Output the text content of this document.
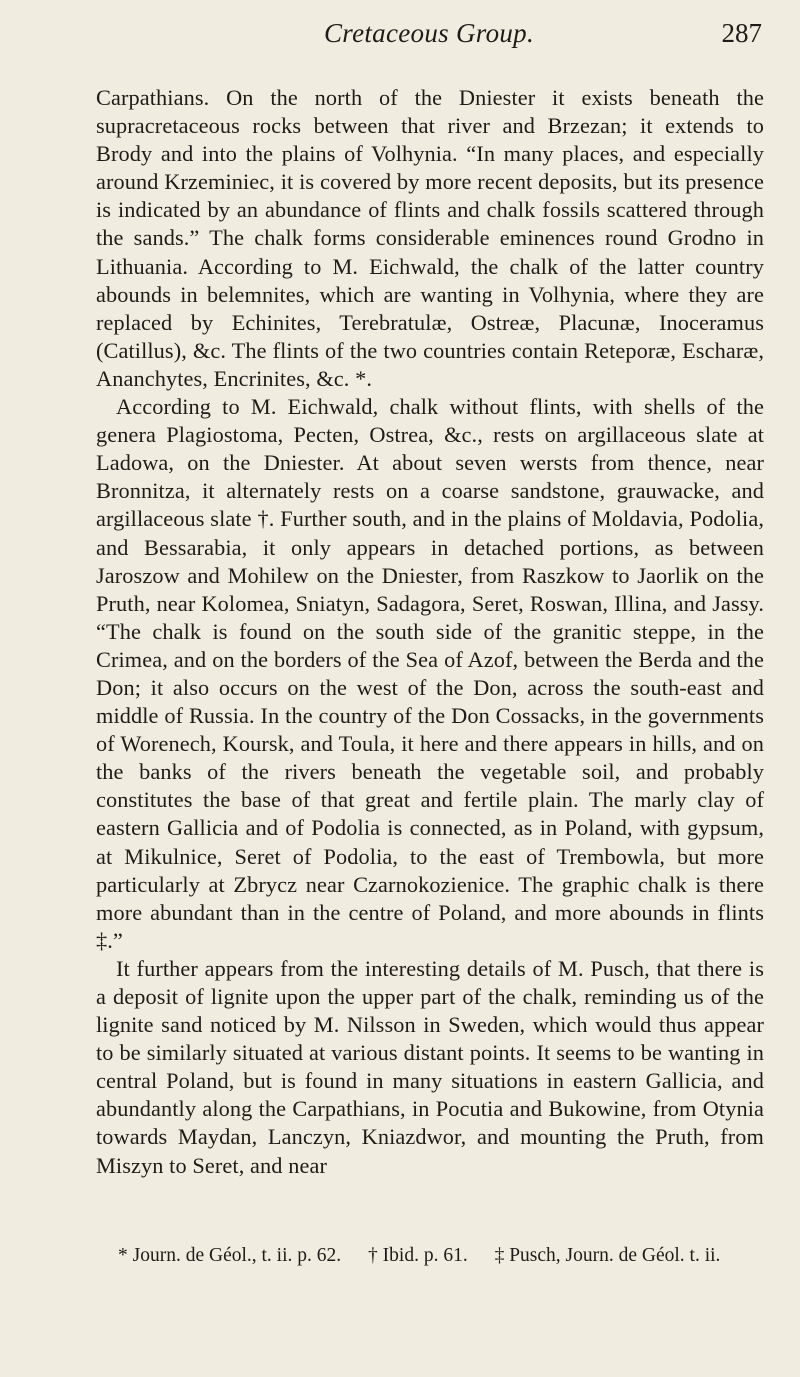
Cretaceous Group.	287

Carpathians. On the north of the Dniester it exists beneath the supracretaceous rocks between that river and Brzezan; it extends to Brody and into the plains of Volhynia. “In many places, and especially around Krzeminiec, it is covered by more recent deposits, but its presence is indicated by an abundance of flints and chalk fossils scattered through the sands.” The chalk forms considerable eminences round Grodno in Lithuania. According to M. Eichwald, the chalk of the latter country abounds in belemnites, which are wanting in Volhynia, where they are replaced by Echinites, Terebratulæ, Ostreæ, Placunæ, Inoceramus (Catillus), &c. The flints of the two countries contain Reteporæ, Escharæ, Ananchytes, Encrinites, &c. *.

According to M. Eichwald, chalk without flints, with shells of the genera Plagiostoma, Pecten, Ostrea, &c., rests on argillaceous slate at Ladowa, on the Dniester. At about seven wersts from thence, near Bronnitza, it alternately rests on a coarse sandstone, grauwacke, and argillaceous slate †. Further south, and in the plains of Moldavia, Podolia, and Bessarabia, it only appears in detached portions, as between Jaroszow and Mohilew on the Dniester, from Raszkow to Jaorlik on the Pruth, near Kolomea, Sniatyn, Sadagora, Seret, Roswan, Illina, and Jassy. “The chalk is found on the south side of the granitic steppe, in the Crimea, and on the borders of the Sea of Azof, between the Berda and the Don; it also occurs on the west of the Don, across the south-east and middle of Russia. In the country of the Don Cossacks, in the governments of Worenech, Koursk, and Toula, it here and there appears in hills, and on the banks of the rivers beneath the vegetable soil, and probably constitutes the base of that great and fertile plain. The marly clay of eastern Gallicia and of Podolia is connected, as in Poland, with gypsum, at Mikulnice, Seret of Podolia, to the east of Trembowla, but more particularly at Zbrycz near Czarnokozienice. The graphic chalk is there more abundant than in the centre of Poland, and more abounds in flints ‡.”

It further appears from the interesting details of M. Pusch, that there is a deposit of lignite upon the upper part of the chalk, reminding us of the lignite sand noticed by M. Nilsson in Sweden, which would thus appear to be similarly situated at various distant points. It seems to be wanting in central Poland, but is found in many situations in eastern Gallicia, and abundantly along the Carpathians, in Pocutia and Bukowine, from Otynia towards Maydan, Lanczyn, Kniazdwor, and mounting the Pruth, from Miszyn to Seret, and near

* Journ. de Géol., t. ii. p. 62. † Ibid. p. 61. ‡ Pusch, Journ. de Géol. t. ii.
